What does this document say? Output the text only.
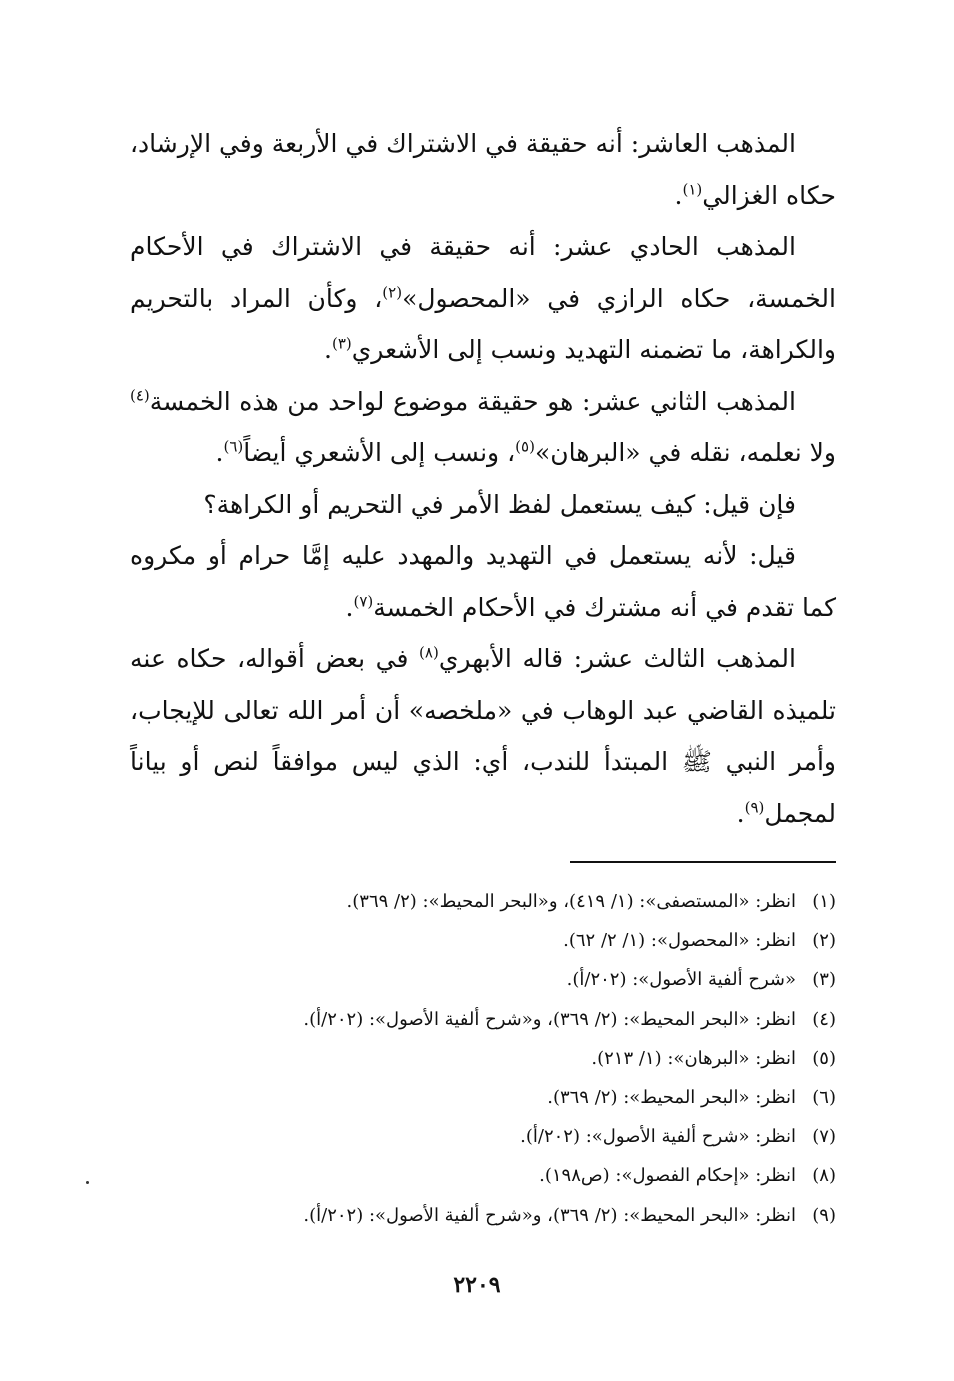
المذهب العاشر: أنه حقيقة في الاشتراك في الأربعة وفي الإرشاد، حكاه الغزالي$^{(١)}$.

المذهب الحادي عشر: أنه حقيقة في الاشتراك في الأحكام الخمسة، حكاه الرازي في «المحصول»$^{(٢)}$، وكأن المراد بالتحريم والكراهة، ما تضمنه التهديد ونسب إلى الأشعري$^{(٣)}$.

المذهب الثاني عشر: هو حقيقة موضوع لواحد من هذه الخمسة$^{(٤)}$ ولا نعلمه، نقله في «البرهان»$^{(٥)}$، ونسب إلى الأشعري أيضاً$^{(٦)}$.

فإن قيل: كيف يستعمل لفظ الأمر في التحريم أو الكراهة؟

قيل: لأنه يستعمل في التهديد والمهدد عليه إمَّا حرام أو مكروه كما تقدم في أنه مشترك في الأحكام الخمسة$^{(٧)}$.

المذهب الثالث عشر: قاله الأبهري$^{(٨)}$ في بعض أقواله، حكاه عنه تلميذه القاضي عبد الوهاب في «ملخصه» أن أمر الله تعالى للإيجاب، وأمر النبي ﷺ المبتدأ للندب، أي: الذي ليس موافقاً لنص أو بياناً لمجمل$^{(٩)}$.

(١)
انظر: «المستصفى»: (١/ ٤١٩)، و«البحر المحيط»: (٢/ ٣٦٩).
(٢)
انظر: «المحصول»: (١/ ٢/ ٦٢).
(٣)
«شرح ألفية الأصول»: (٢٠٢/أ).
(٤)
انظر: «البحر المحيط»: (٢/ ٣٦٩)، و«شرح ألفية الأصول»: (٢٠٢/أ).
(٥)
انظر: «البرهان»: (١/ ٢١٣).
(٦)
انظر: «البحر المحيط»: (٢/ ٣٦٩).
(٧)
انظر: «شرح ألفية الأصول»: (٢٠٢/أ).
(٨)
انظر: «إحكام الفصول»: (ص١٩٨).
(٩)
انظر: «البحر المحيط»: (٢/ ٣٦٩)، و«شرح ألفية الأصول»: (٢٠٢/أ).
٢٢٠٩
